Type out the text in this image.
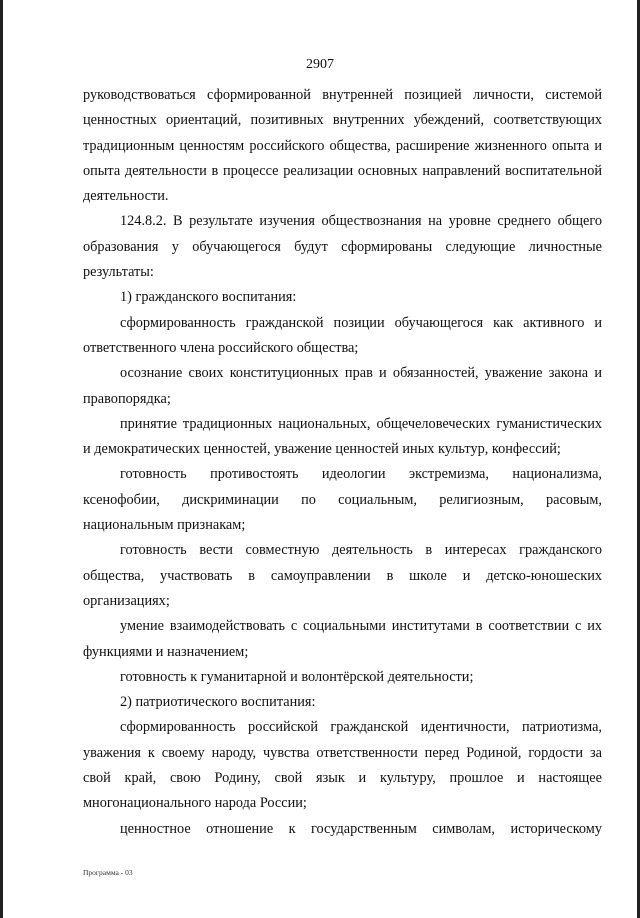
2907

руководствоваться сформированной внутренней позицией личности, системой ценностных ориентаций, позитивных внутренних убеждений, соответствующих традиционным ценностям российского общества, расширение жизненного опыта и опыта деятельности в процессе реализации основных направлений воспитательной деятельности.

124.8.2. В результате изучения обществознания на уровне среднего общего образования у обучающегося будут сформированы следующие личностные результаты:

1) гражданского воспитания:

сформированность гражданской позиции обучающегося как активного и ответственного члена российского общества;

осознание своих конституционных прав и обязанностей, уважение закона и правопорядка;

принятие традиционных национальных, общечеловеческих гуманистических и демократических ценностей, уважение ценностей иных культур, конфессий;

готовность противостоять идеологии экстремизма, национализма, ксенофобии, дискриминации по социальным, религиозным, расовым, национальным признакам;

готовность вести совместную деятельность в интересах гражданского общества, участвовать в самоуправлении в школе и детско-юношеских организациях;

умение взаимодействовать с социальными институтами в соответствии с их функциями и назначением;

готовность к гуманитарной и волонтёрской деятельности;

2) патриотического воспитания:

сформированность российской гражданской идентичности, патриотизма, уважения к своему народу, чувства ответственности перед Родиной, гордости за свой край, свою Родину, свой язык и культуру, прошлое и настоящее многонационального народа России;

ценностное отношение к государственным символам, историческому

Программа - 03
